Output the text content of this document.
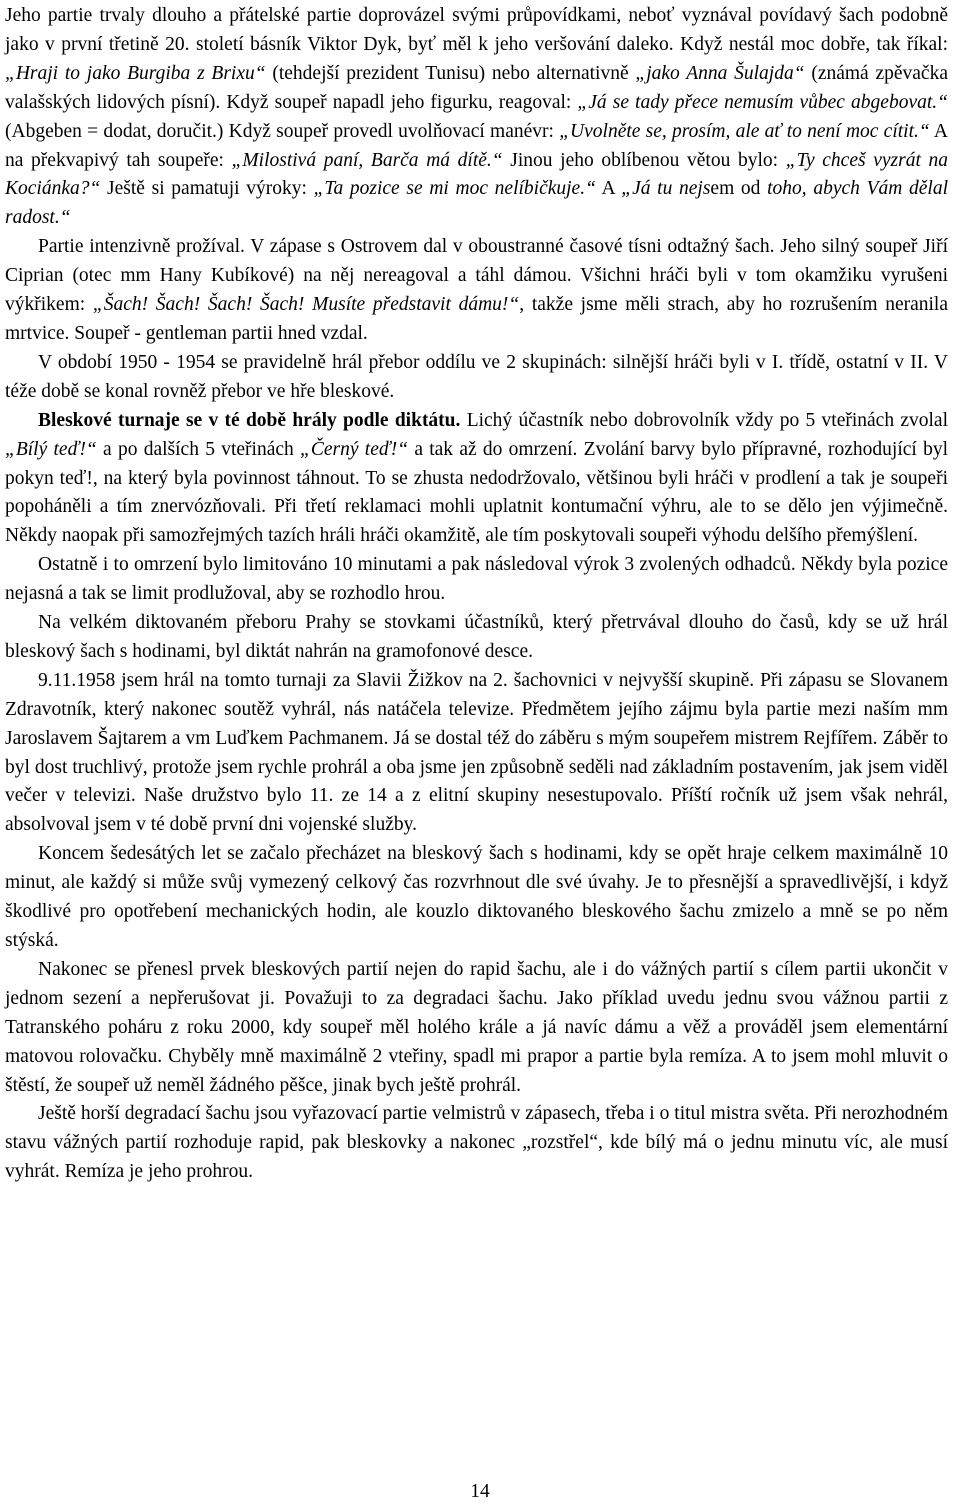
Jeho partie trvaly dlouho a přátelské partie doprovázel svými průpovídkami, neboť vyznával povídavý šach podobně jako v první třetině 20. století básník Viktor Dyk, byť měl k jeho veršování daleko. Když nestál moc dobře, tak říkal: „Hraji to jako Burgiba z Brixu“ (tehdejší prezident Tunisu) nebo alternativně „jako Anna Šulajda“ (známá zpěvačka valašských lidových písní). Když soupeř napadl jeho figurku, reagoval: „Já se tady přece nemusím vůbec abgebovat.“ (Abgeben = dodat, doručit.) Když soupeř provedl uvolňovací manévr: „Uvolněte se, prosím, ale ať to není moc cítit.“ A na překvapivý tah soupeře: „Milostivá paní, Barča má dítě.“ Jinou jeho oblíbenou větou bylo: „Ty chceš vyzrát na Kociánka?“ Ještě si pamatuji výroky: „Ta pozice se mi moc nelíbičkuje.“ A „Já tu nejsem od toho, abych Vám dělal radost.“

Partie intenzivně prožíval. V zápase s Ostrovem dal v oboustranné časové tísni odtažný šach. Jeho silný soupeř Jiří Ciprian (otec mm Hany Kubíkové) na něj nereagoval a táhl dámou. Všichni hráči byli v tom okamžiku vyrušeni výkřikem: „Šach! Šach! Šach! Šach! Musíte představit dámu!“, takže jsme měli strach, aby ho rozrušením neranila mrtvice. Soupeř - gentleman partii hned vzdal.

V období 1950 - 1954 se pravidelně hrál přebor oddílu ve 2 skupinách: silnější hráči byli v I. třídě, ostatní v II. V téže době se konal rovněž přebor ve hře bleskové.

Bleskové turnaje se v té době hrály podle diktátu. Lichý účastník nebo dobrovolník vždy po 5 vteřinách zvolal „Bílý teď!“ a po dalších 5 vteřinách „Černý teď!“ a tak až do omrzení. Zvolání barvy bylo přípravné, rozhodující byl pokyn teď!, na který byla povinnost táhnout. To se zhusta nedodržovalo, většinou byli hráči v prodlení a tak je soupeři popoháněli a tím znervózňovali. Při třetí reklamaci mohli uplatnit kontumační výhru, ale to se dělo jen výjimečně. Někdy naopak při samozřejmých tazích hráli hráči okamžitě, ale tím poskytovali soupeři výhodu delšího přemýšlení.

Ostatně i to omrzení bylo limitováno 10 minutami a pak následoval výrok 3 zvolených odhadců. Někdy byla pozice nejasná a tak se limit prodlužoval, aby se rozhodlo hrou.

Na velkém diktovaném přeboru Prahy se stovkami účastníků, který přetrvával dlouho do časů, kdy se už hrál bleskový šach s hodinami, byl diktát nahrán na gramofonové desce.

9.11.1958 jsem hrál na tomto turnaji za Slavii Žižkov na 2. šachovnici v nejvyšší skupině. Při zápasu se Slovanem Zdravotník, který nakonec soutěž vyhrál, nás natáčela televize. Předmětem jejího zájmu byla partie mezi naším mm Jaroslavem Šajtarem a vm Luďkem Pachmanem. Já se dostal též do záběru s mým soupeřem mistrem Rejfířem. Záběr to byl dost truchlivý, protože jsem rychle prohrál a oba jsme jen způsobně seděli nad základním postavením, jak jsem viděl večer v televizi. Naše družstvo bylo 11. ze 14 a z elitní skupiny nesestupovalo. Příští ročník už jsem však nehrál, absolvoval jsem v té době první dni vojenské služby.

Koncem šedesátých let se začalo přecházet na bleskový šach s hodinami, kdy se opět hraje celkem maximálně 10 minut, ale každý si může svůj vymezený celkový čas rozvrhnout dle své úvahy. Je to přesnější a spravedlivější, i když škodlivé pro opotřebení mechanických hodin, ale kouzlo diktovaného bleskového šachu zmizelo a mně se po něm stýská.

Nakonec se přenesl prvek bleskových partií nejen do rapid šachu, ale i do vážných partií s cílem partii ukončit v jednom sezení a nepřerušovat ji. Považuji to za degradaci šachu. Jako příklad uvedu jednu svou vážnou partii z Tatranského poháru z roku 2000, kdy soupeř měl holého krále a já navíc dámu a věž a prováděl jsem elementární matovou rolovačku. Chyběly mně maximálně 2 vteřiny, spadl mi prapor a partie byla remíza. A to jsem mohl mluvit o štěstí, že soupeř už neměl žádného pěšce, jinak bych ještě prohrál.

Ještě horší degradací šachu jsou vyřazovací partie velmistrů v zápasech, třeba i o titul mistra světa. Při nerozhodném stavu vážných partií rozhoduje rapid, pak bleskovky a nakonec „rozstřel“, kde bílý má o jednu minutu víc, ale musí vyhrát. Remíza je jeho prohrou.

14
